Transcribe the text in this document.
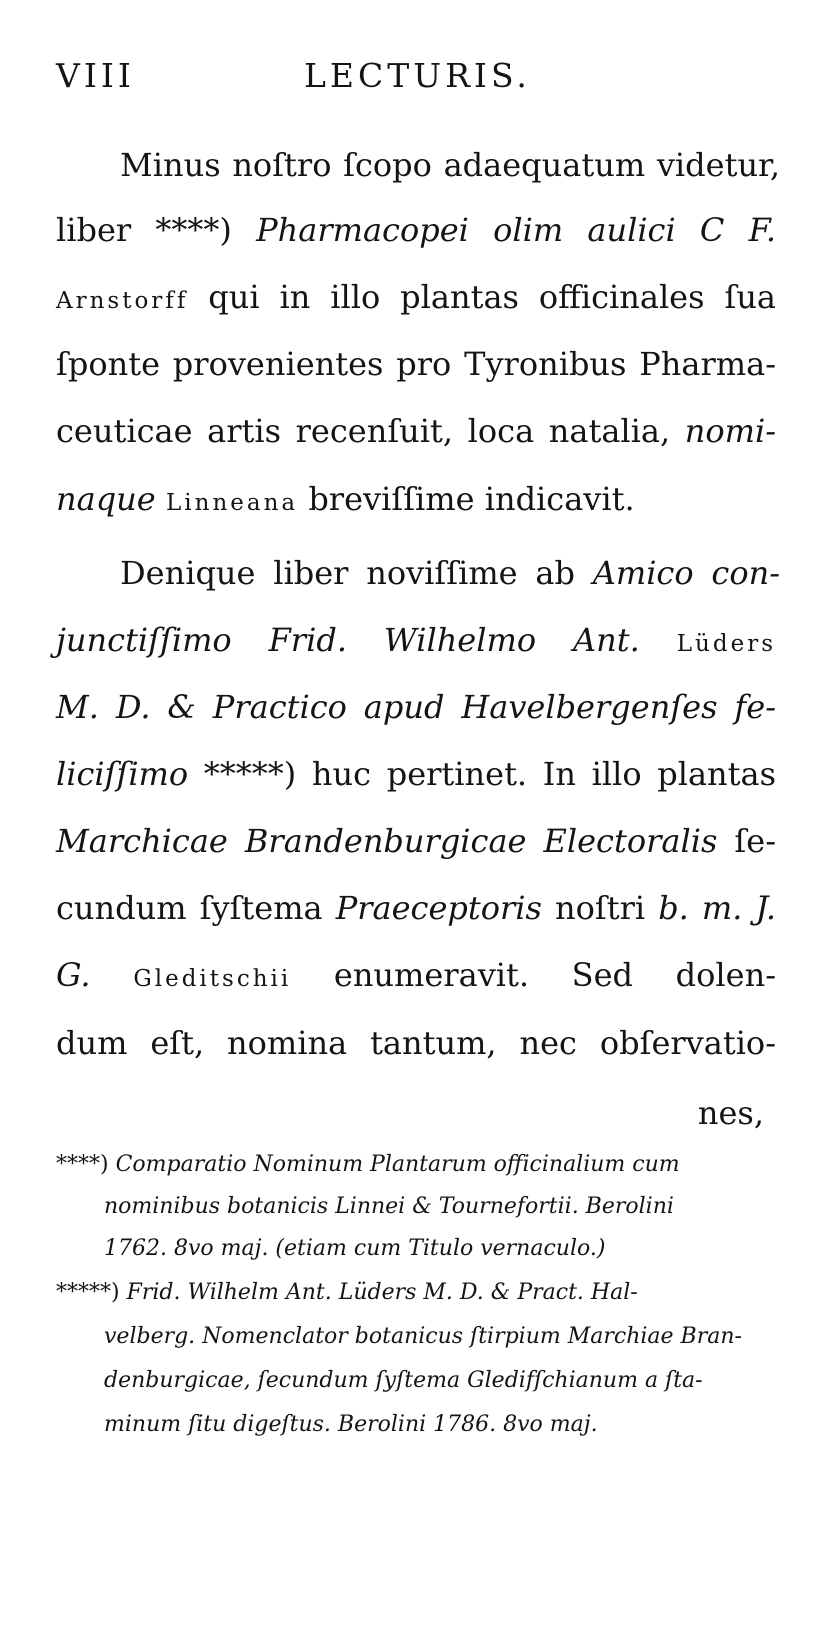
VIII	LECTURIS.
Minus noſtro ſcopo adaequatum videtur,
liber ****) Pharmacopei olim aulici C F.
Arnstorff qui in illo plantas officinales ſua
ſponte provenientes pro Tyronibus Pharma-
ceuticae artis recenſuit, loca natalia, nomi-
naque Linneana breviſſime indicavit.
Denique liber noviſſime ab Amico con-
junctiſſimo Frid. Wilhelmo Ant. Lüders
M. D. & Practico apud Havelbergenſes fe-
liciſſimo *****) huc pertinet. In illo plantas
Marchicae Brandenburgicae Electoralis ſe-
cundum ſyſtema Praeceptoris noſtri b. m. J.
G. Gleditschii enumeravit. Sed dolen-
dum eſt, nomina tantum, nec obſervatio-
nes,
****) Comparatio Nominum Plantarum officinalium cum
nominibus botanicis Linnei & Tournefortii. Berolini
1762. 8vo maj. (etiam cum Titulo vernaculo.)
*****) Frid. Wilhelm Ant. Lüders M. D. & Pract. Hal-
velberg. Nomenclator botanicus ſtirpium Marchiae Bran-
denburgicae, ſecundum ſyſtema Gledifſchianum a ſta-
minum ſitu digeſtus. Berolini 1786. 8vo maj.
